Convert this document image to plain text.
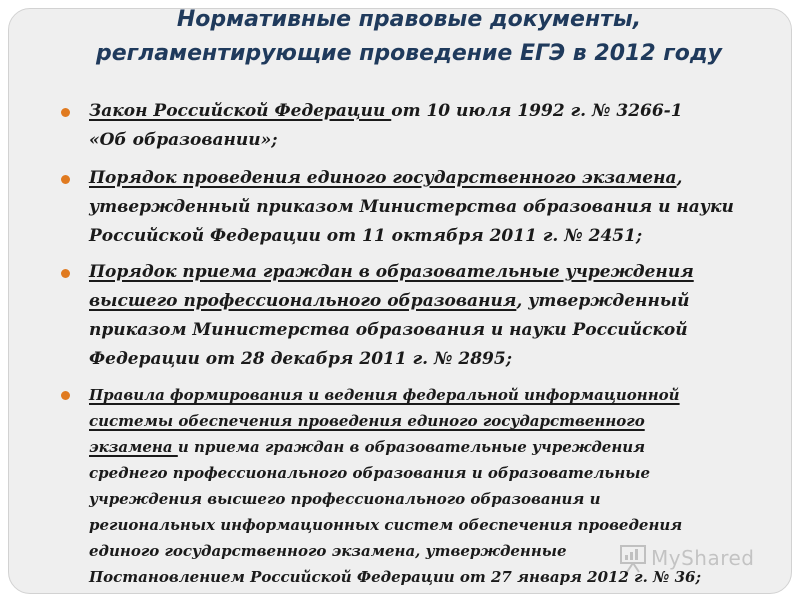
Нормативные правовые документы,
регламентирующие проведение ЕГЭ в 2012 году
Закон Российской Федерации от 10 июля 1992 г. № 3266-1
«Об образовании»;
Порядок проведения единого государственного экзамена,
утвержденный приказом Министерства образования и науки
Российской Федерации от 11 октября 2011 г. № 2451;
Порядок приема граждан в образовательные учреждения
высшего профессионального образования, утвержденный
приказом Министерства образования и науки Российской
Федерации от 28 декабря 2011 г. № 2895;
Правила формирования и ведения федеральной информационной
системы обеспечения проведения единого государственного
экзамена и приема граждан в образовательные учреждения
среднего профессионального образования и образовательные
учреждения высшего профессионального образования и
региональных информационных систем обеспечения проведения
единого государственного экзамена, утвержденные
Постановлением Российской Федерации от 27 января 2012 г. № 36;
MyShared
